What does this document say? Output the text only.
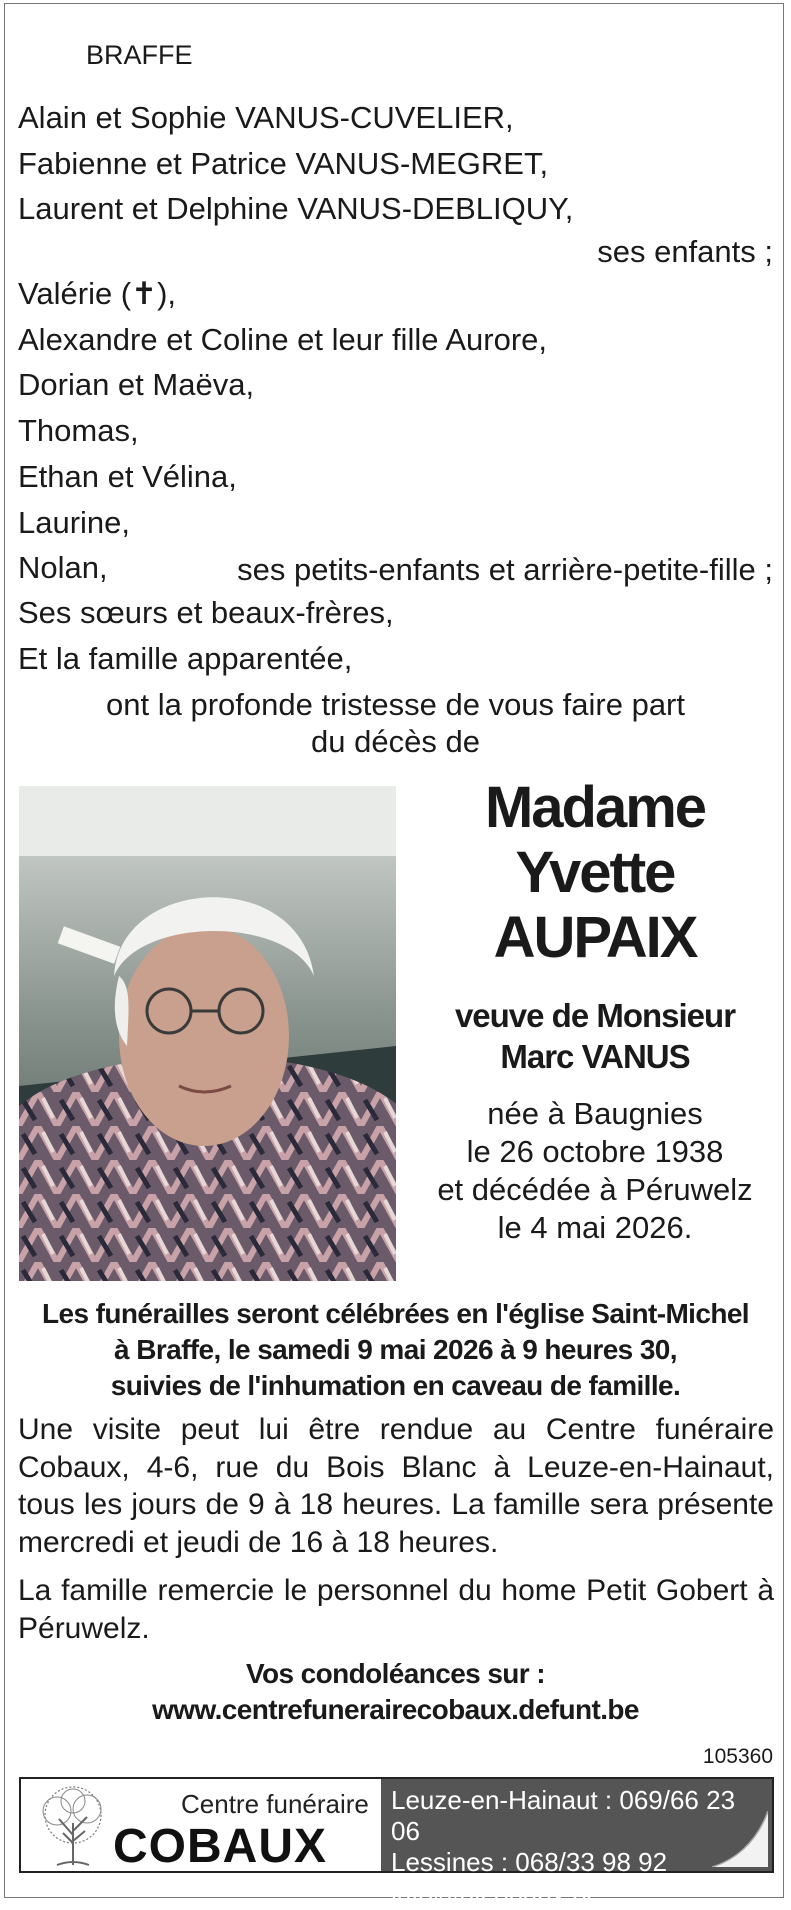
BRAFFE
Alain et Sophie VANUS-CUVELIER,
Fabienne et Patrice VANUS-MEGRET,
Laurent et Delphine VANUS-DEBLIQUY,
ses enfants ;
Valérie (✝),
Alexandre et Coline et leur fille Aurore,
Dorian et Maëva,
Thomas,
Ethan et Vélina,
Laurine,
Nolan,	ses petits-enfants et arrière-petite-fille ;
Ses sœurs et beaux-frères,
Et la famille apparentée,
ont la profonde tristesse de vous faire part
du décès de
Madame
Yvette
AUPAIX
veuve de Monsieur
Marc VANUS
née à Baugnies
le 26 octobre 1938
et décédée à Péruwelz
le 4 mai 2026.
Les funérailles seront célébrées en l'église Saint-Michel
à Braffe, le samedi 9 mai 2026 à 9 heures 30,
suivies de l'inhumation en caveau de famille.
Une visite peut lui être rendue au Centre funéraire Cobaux, 4-6, rue du Bois Blanc à Leuze-en-Hainaut, tous les jours de 9 à 18 heures. La famille sera présente mercredi et jeudi de 16 à 18 heures.
La famille remercie le personnel du home Petit Gobert à Péruwelz.
Vos condoléances sur :
www.centrefunerairecobaux.defunt.be
105360
Centre funéraire
COBAUX
Leuze-en-Hainaut : 069/66 23 06
Lessines : 068/33 98 92
info@pfcobaux.be
